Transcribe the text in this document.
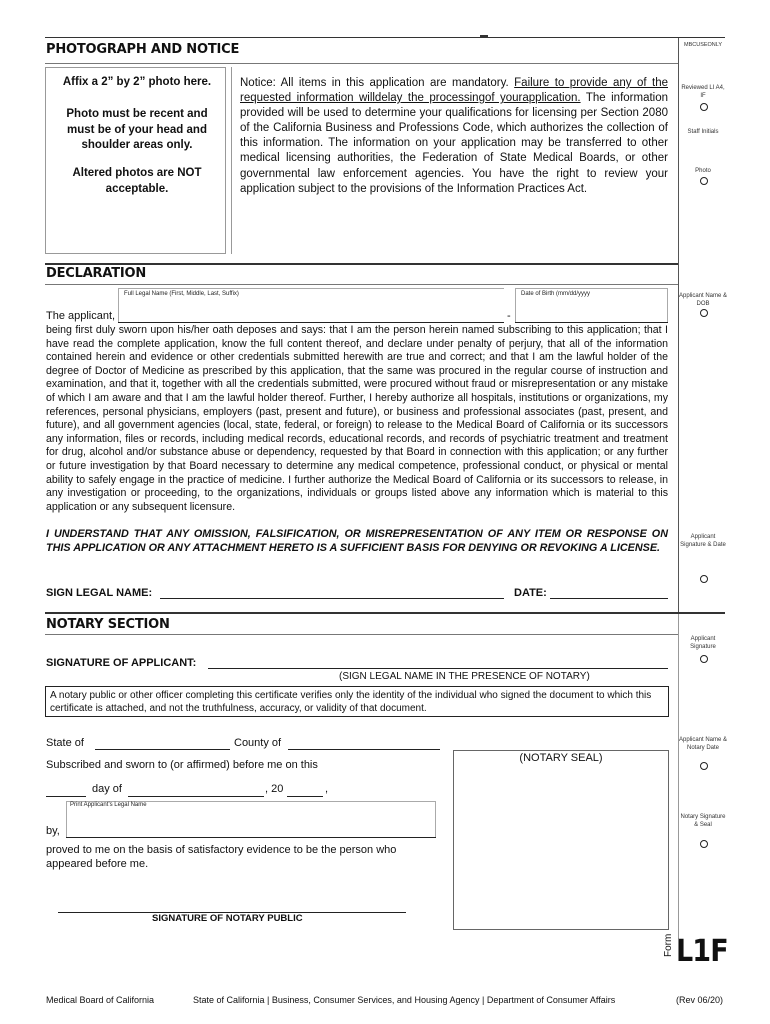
MBCUSEONLY
PHOTOGRAPH AND NOTICE
Affix a 2” by 2” photo here.
Photo must be recent and must be of your head and shoulder areas only.
Altered photos are NOT acceptable.
Notice: All items in this application are mandatory. Failure to provide any of the requested information willdelay the processingof yourapplication. The information provided will be used to determine your qualifications for licensing per Section 2080 of the California Business and Professions Code, which authorizes the collection of this information. The information on your application may be transferred to other medical licensing authorities, the Federation of State Medical Boards, or other governmental law enforcement agencies. You have the right to review your application subject to the provisions of the Information Practices Act.
Reviewed LI A4, IF
Staff Initials
Photo
DECLARATION
Full Legal Name (First, Middle, Last, Suffix)	Date of Birth (mm/dd/yyyy
The applicant,	-
being first duly sworn upon his/her oath deposes and says: that I am the person herein named subscribing to this application; that I have read the complete application, know the full content thereof, and declare under penalty of perjury, that all of the information contained herein and evidence or other credentials submitted herewith are true and correct; and that I am the lawful holder of the degree of Doctor of Medicine as prescribed by this application, that the same was procured in the regular course of instruction and examination, and that it, together with all the credentials submitted, were procured without fraud or misrepresentation or any mistake of which I am aware and that I am the lawful holder thereof. Further, I hereby authorize all hospitals, institutions or organizations, my references, personal physicians, employers (past, present and future), or business and professional associates (past, present, and future), and all government agencies (local, state, federal, or foreign) to release to the Medical Board of California or its successors any information, files or records, including medical records, educational records, and records of psychiatric treatment and treatment for drug, alcohol and/or substance abuse or dependency, requested by that Board in connection with this application; or any further or future investigation by that Board necessary to determine any medical competence, professional conduct, or physical or mental ability to safely engage in the practice of medicine. I further authorize the Medical Board of California or its successors to release, in any investigation or proceeding, to the organizations, individuals or groups listed above any information which is material to this application or any subsequent licensure.
I UNDERSTAND THAT ANY OMISSION, FALSIFICATION, OR MISREPRESENTATION OF ANY ITEM OR RESPONSE ON THIS APPLICATION OR ANY ATTACHMENT HERETO IS A SUFFICIENT BASIS FOR DENYING OR REVOKING A LICENSE.
SIGN LEGAL NAME:	DATE:
Applicant Name & DOB
Applicant Signature & Date
NOTARY SECTION
SIGNATURE OF APPLICANT:
(SIGN LEGAL NAME IN THE PRESENCE OF NOTARY)
A notary public or other officer completing this certificate verifies only the identity of the individual who signed the document to which this certificate is attached, and not the truthfulness, accuracy, or validity of that document.
State of	County of
Subscribed and sworn to (or affirmed) before me on this
day of	, 20	,
Print Applicant’s Legal Name
by,
proved to me on the basis of satisfactory evidence to be the person who appeared before me.
(NOTARY SEAL)
SIGNATURE OF NOTARY PUBLIC
Applicant Signature
Applicant Name & Notary Date
Notary Signature & Seal
Form L1F
Medical Board of California	State of California | Business, Consumer Services, and Housing Agency | Department of Consumer Affairs	(Rev 06/20)
